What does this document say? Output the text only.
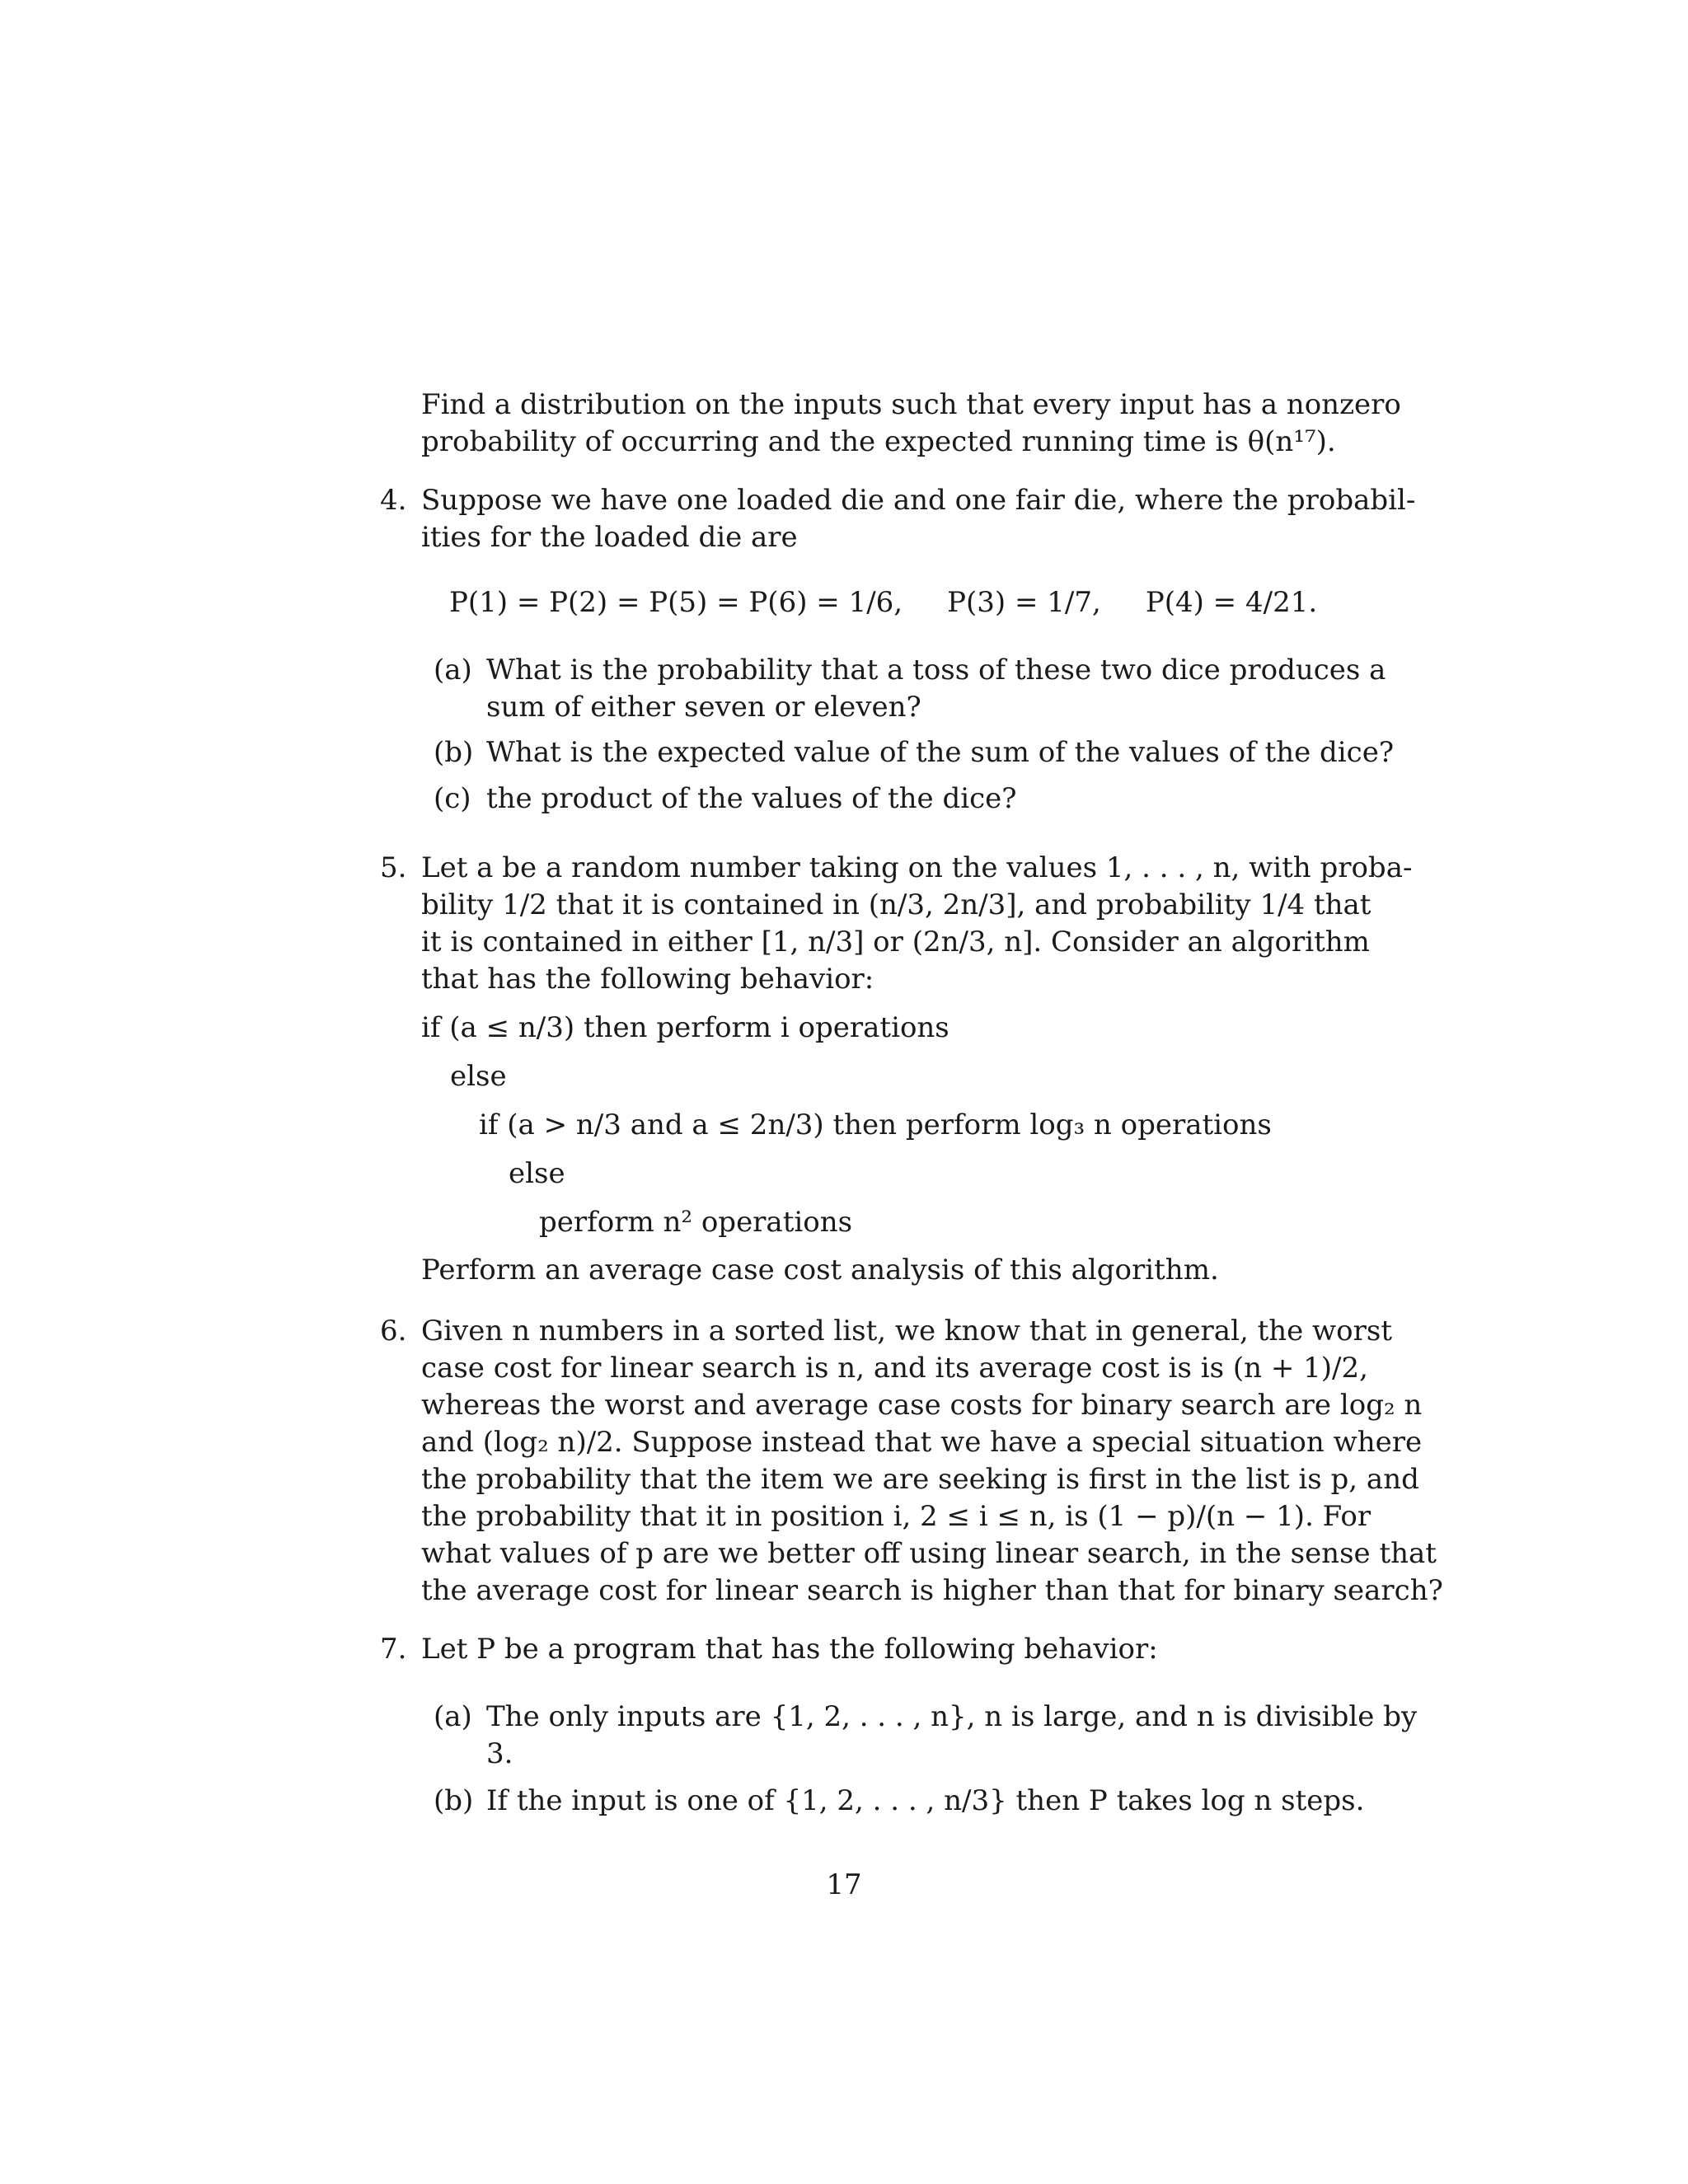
Find a distribution on the inputs such that every input has a nonzero
probability of occurring and the expected running time is θ(n¹⁷).
4. Suppose we have one loaded die and one fair die, where the probabil-
ities for the loaded die are
P(1) = P(2) = P(5) = P(6) = 1/6,     P(3) = 1/7,     P(4) = 4/21.
(a) What is the probability that a toss of these two dice produces a
sum of either seven or eleven?
(b) What is the expected value of the sum of the values of the dice?
(c) the product of the values of the dice?
5. Let a be a random number taking on the values 1, . . . , n, with proba-
bility 1/2 that it is contained in (n/3, 2n/3], and probability 1/4 that
it is contained in either [1, n/3] or (2n/3, n]. Consider an algorithm
that has the following behavior:
if (a ≤ n/3) then perform i operations
else
if (a > n/3 and a ≤ 2n/3) then perform log₃ n operations
else
perform n² operations
Perform an average case cost analysis of this algorithm.
6. Given n numbers in a sorted list, we know that in general, the worst
case cost for linear search is n, and its average cost is is (n + 1)/2,
whereas the worst and average case costs for binary search are log₂ n
and (log₂ n)/2. Suppose instead that we have a special situation where
the probability that the item we are seeking is first in the list is p, and
the probability that it in position i, 2 ≤ i ≤ n, is (1 − p)/(n − 1). For
what values of p are we better off using linear search, in the sense that
the average cost for linear search is higher than that for binary search?
7. Let P be a program that has the following behavior:
(a) The only inputs are {1, 2, . . . , n}, n is large, and n is divisible by
3.
(b) If the input is one of {1, 2, . . . , n/3} then P takes log n steps.
17
